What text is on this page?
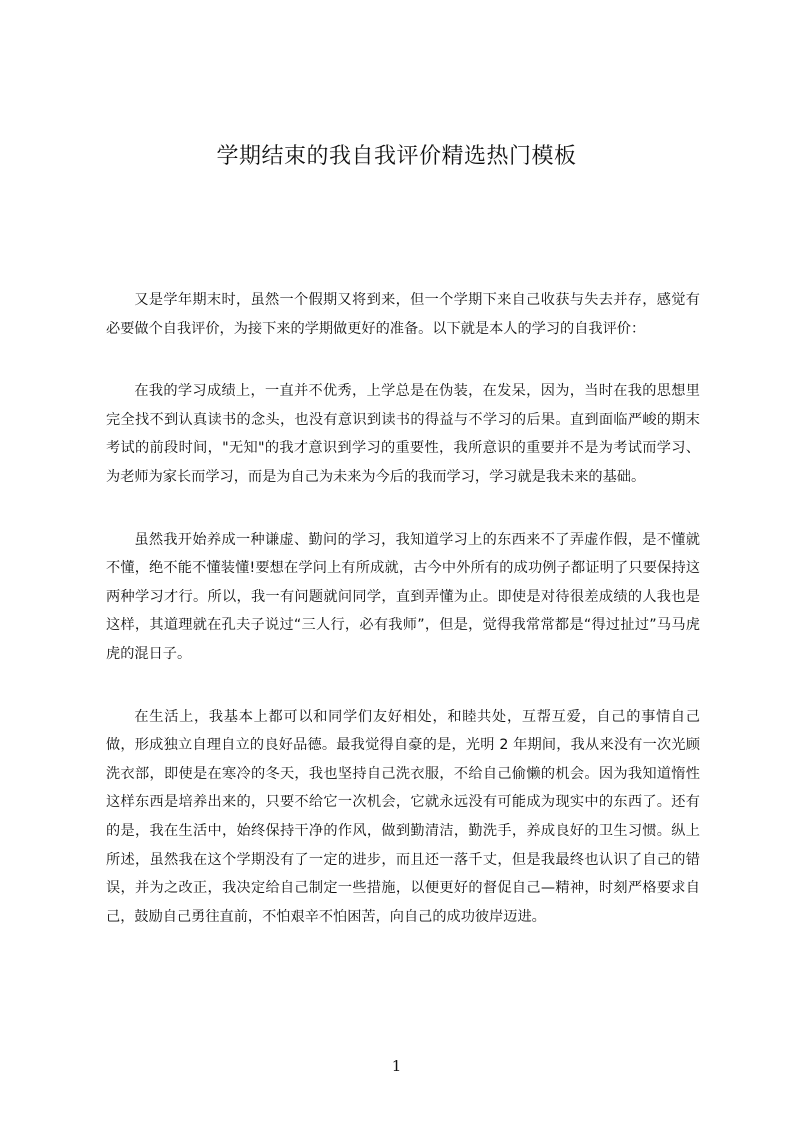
学期结束的我自我评价精选热门模板

又是学年期末时，虽然一个假期又将到来，但一个学期下来自己收获与失去并存，感觉有必要做个自我评价，为接下来的学期做更好的准备。以下就是本人的学习的自我评价：

在我的学习成绩上，一直并不优秀，上学总是在伪装，在发呆，因为，当时在我的思想里完全找不到认真读书的念头，也没有意识到读书的得益与不学习的后果。直到面临严峻的期末考试的前段时间，"无知"的我才意识到学习的重要性，我所意识的重要并不是为考试而学习、为老师为家长而学习，而是为自己为未来为今后的我而学习，学习就是我未来的基础。

虽然我开始养成一种谦虚、勤问的学习，我知道学习上的东西来不了弄虚作假，是不懂就不懂，绝不能不懂装懂!要想在学问上有所成就，古今中外所有的成功例子都证明了只要保持这两种学习才行。所以，我一有问题就问同学，直到弄懂为止。即使是对待很差成绩的人我也是这样，其道理就在孔夫子说过“三人行，必有我师”，但是，觉得我常常都是“得过扯过”马马虎虎的混日子。

在生活上，我基本上都可以和同学们友好相处，和睦共处，互帮互爱，自己的事情自己做，形成独立自理自立的良好品德。最我觉得自豪的是，光明 2 年期间，我从来没有一次光顾洗衣部，即使是在寒冷的冬天，我也坚持自己洗衣服，不给自己偷懒的机会。因为我知道惰性这样东西是培养出来的，只要不给它一次机会，它就永远没有可能成为现实中的东西了。还有的是，我在生活中，始终保持干净的作风，做到勤清洁，勤洗手，养成良好的卫生习惯。纵上所述，虽然我在这个学期没有了一定的进步，而且还一落千丈，但是我最终也认识了自己的错误，并为之改正，我决定给自己制定一些措施，以便更好的督促自己—精神，时刻严格要求自己，鼓励自己勇往直前，不怕艰辛不怕困苦，向自己的成功彼岸迈进。

1
